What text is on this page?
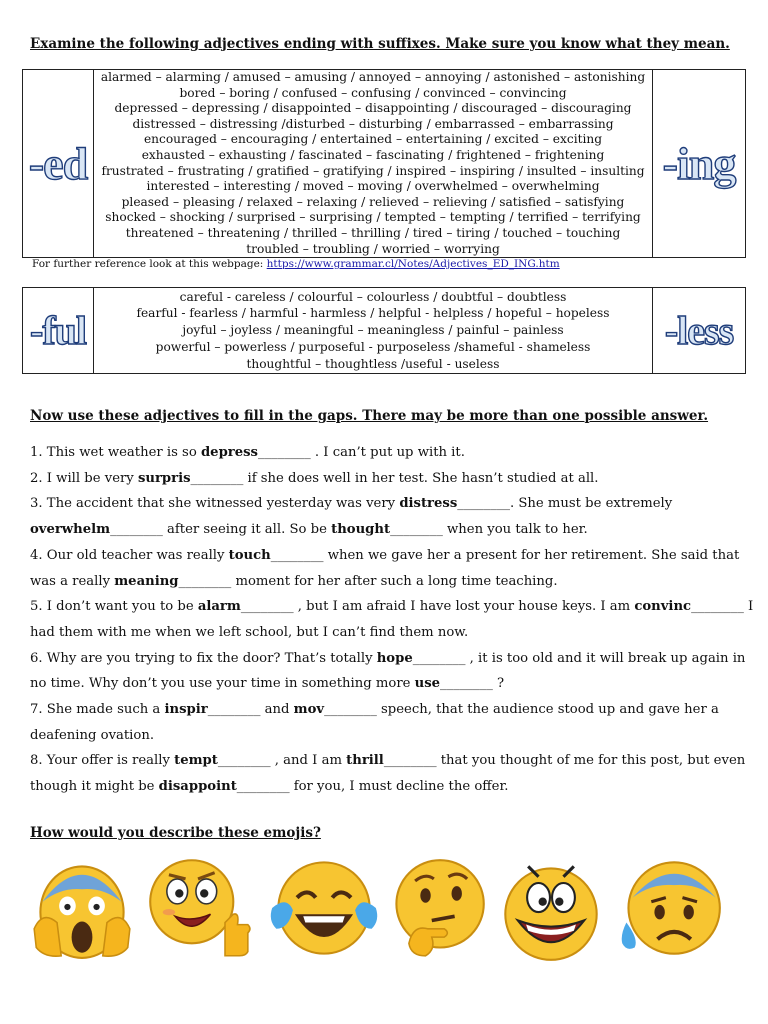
Examine the following adjectives ending with suffixes. Make sure you know what they mean.
-ed	
alarmed – alarming / amused – amusing / annoyed – annoying / astonished – astonishing
bored – boring / confused – confusing / convinced – convincing
depressed – depressing / disappointed – disappointing / discouraged – discouraging
distressed – distressing /disturbed – disturbing / embarrassed – embarrassing
encouraged – encouraging / entertained – entertaining / excited – exciting
exhausted – exhausting / fascinated – fascinating / frightened – frightening
frustrated – frustrating / gratified – gratifying / inspired – inspiring / insulted – insulting
interested – interesting / moved – moving / overwhelmed – overwhelming
pleased – pleasing / relaxed – relaxing / relieved – relieving / satisfied – satisfying
shocked – shocking / surprised – surprising / tempted – tempting / terrified – terrifying
threatened – threatening / thrilled – thrilling / tired – tiring / touched – touching
troubled – troubling / worried – worrying
	-ing
For further reference look at this webpage: https://www.grammar.cl/Notes/Adjectives_ED_ING.htm
-ful	
careful - careless / colourful – colourless / doubtful – doubtless
fearful - fearless / harmful - harmless / helpful - helpless / hopeful – hopeless
joyful – joyless / meaningful – meaningless / painful – painless
powerful – powerless / purposeful - purposeless /shameful - shameless
thoughtful – thoughtless /useful - useless
	-less
Now use these adjectives to fill in the gaps. There may be more than one possible answer.
1. This wet weather is so depress________ . I can’t put up with it.
2. I will be very surpris________ if she does well in her test. She hasn’t studied at all.
3. The accident that she witnessed yesterday was very distress________. She must be extremely
overwhelm________ after seeing it all. So be thought________ when you talk to her.
4. Our old teacher was really touch________ when we gave her a present for her retirement. She said that
was a really meaning________ moment for her after such a long time teaching.
5. I don’t want you to be alarm________ , but I am afraid I have lost your house keys. I am convinc________ I
had them with me when we left school, but I can’t find them now.
6. Why are you trying to fix the door? That’s totally hope________ , it is too old and it will break up again in
no time. Why don’t you use your time in something more use________ ?
7. She made such a inspir________ and mov________ speech, that the audience stood up and gave her a
deafening ovation.
8. Your offer is really tempt________ , and I am thrill________ that you thought of me for this post, but even
though it might be disappoint________ for you, I must decline the offer.
How would you describe these emojis?
